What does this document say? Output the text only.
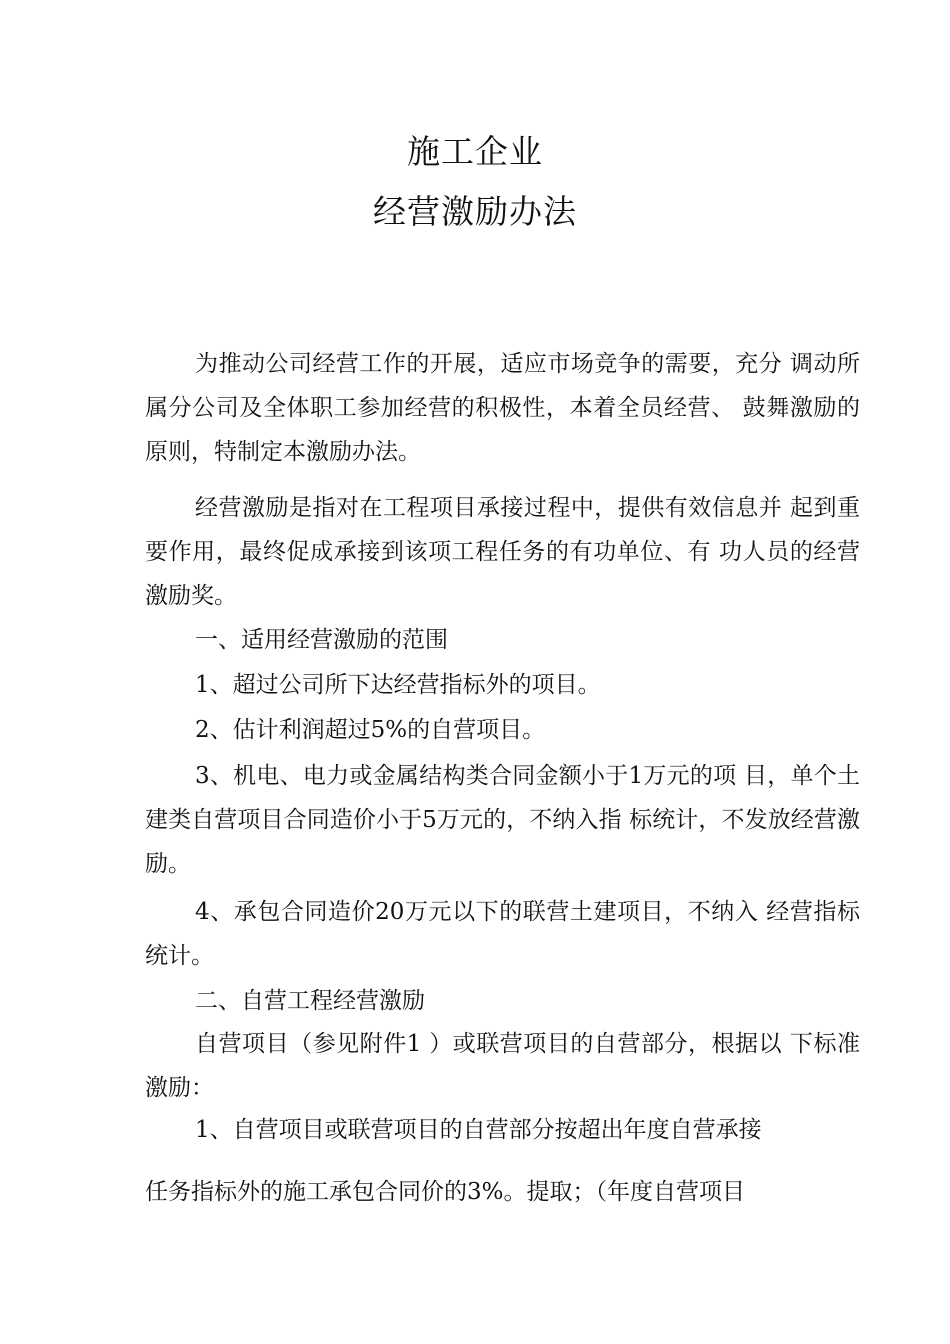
施工企业
经营激励办法

为推动公司经营工作的开展，适应市场竞争的需要，充分 调动所属分公司及全体职工参加经营的积极性，本着全员经营、 鼓舞激励的原则，特制定本激励办法。

经营激励是指对在工程项目承接过程中，提供有效信息并 起到重要作用，最终促成承接到该项工程任务的有功单位、有 功人员的经营激励奖。

一、适用经营激励的范围

1、超过公司所下达经营指标外的项目。

2、估计利润超过5%的自营项目。

3、机电、电力或金属结构类合同金额小于1万元的项 目，单个土建类自营项目合同造价小于5万元的，不纳入指 标统计，不发放经营激励。

4、承包合同造价20万元以下的联营土建项目，不纳入 经营指标统计。

二、自营工程经营激励

自营项目（参见附件1 ）或联营项目的自营部分，根据以 下标准激励：

1、自营项目或联营项目的自营部分按超出年度自营承接

任务指标外的施工承包合同价的3%。提取；（年度自营项目
